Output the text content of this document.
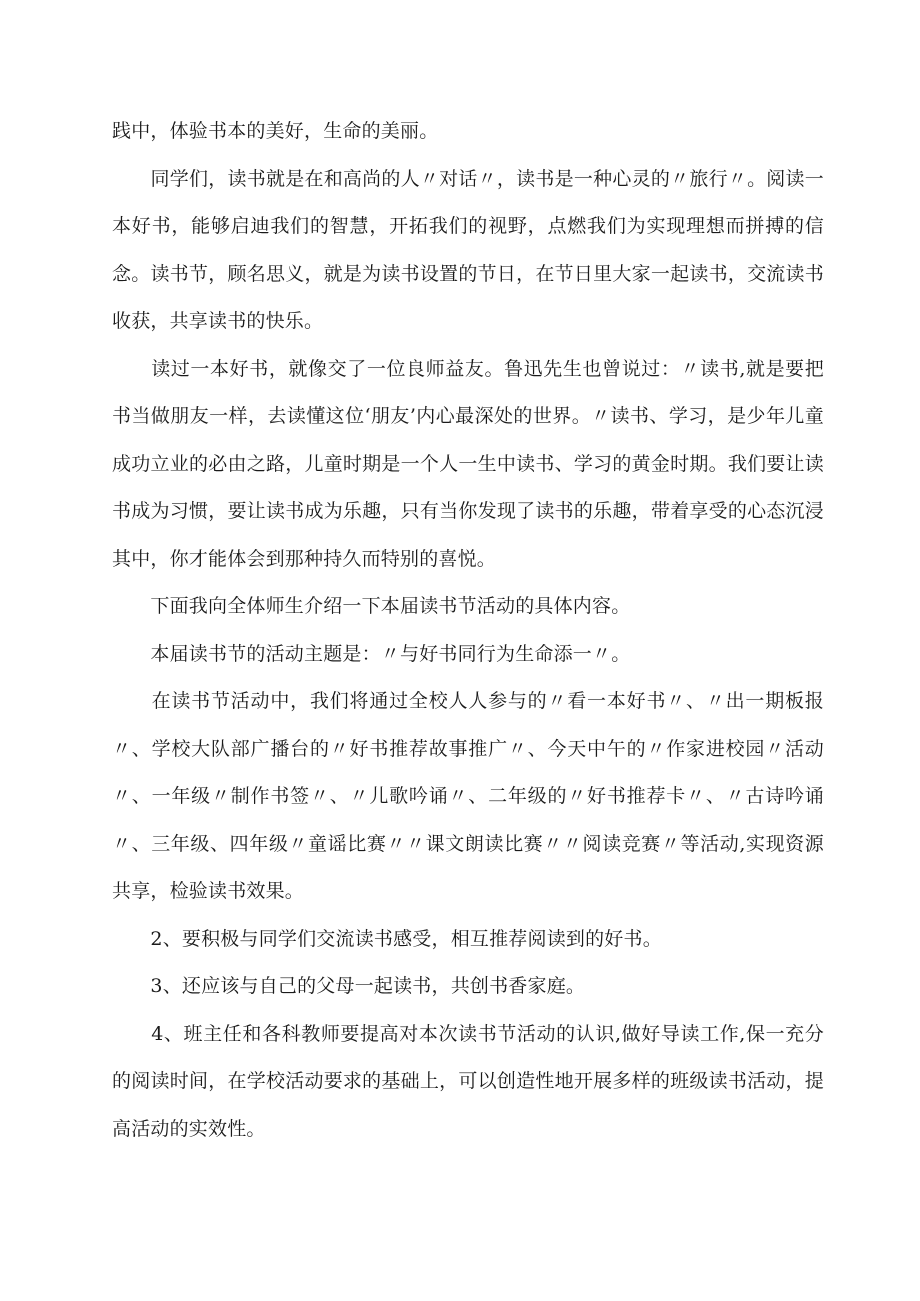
践中，体验书本的美好，生命的美丽。

　　同学们，读书就是在和高尚的人〃对话〃，读书是一种心灵的〃旅行〃。阅读一本好书，能够启迪我们的智慧，开拓我们的视野，点燃我们为实现理想而拼搏的信念。读书节，顾名思义，就是为读书设置的节日，在节日里大家一起读书，交流读书收获，共享读书的快乐。

　　读过一本好书，就像交了一位良师益友。鲁迅先生也曾说过：〃读书,就是要把书当做朋友一样，去读懂这位‘朋友’内心最深处的世界。〃读书、学习，是少年儿童成功立业的必由之路，儿童时期是一个人一生中读书、学习的黄金时期。我们要让读书成为习惯，要让读书成为乐趣，只有当你发现了读书的乐趣，带着享受的心态沉浸其中，你才能体会到那种持久而特别的喜悦。

　　下面我向全体师生介绍一下本届读书节活动的具体内容。

　　本届读书节的活动主题是：〃与好书同行为生命添一〃。

　　在读书节活动中，我们将通过全校人人参与的〃看一本好书〃、〃出一期板报〃、学校大队部广播台的〃好书推荐故事推广〃、今天中午的〃作家进校园〃活动〃、一年级〃制作书签〃、〃儿歌吟诵〃、二年级的〃好书推荐卡〃、〃古诗吟诵〃、三年级、四年级〃童谣比赛〃〃课文朗读比赛〃〃阅读竞赛〃等活动,实现资源共享，检验读书效果。

　　2、要积极与同学们交流读书感受，相互推荐阅读到的好书。

　　3、还应该与自己的父母一起读书，共创书香家庭。

　　4、班主任和各科教师要提高对本次读书节活动的认识,做好导读工作,保一充分的阅读时间，在学校活动要求的基础上，可以创造性地开展多样的班级读书活动，提高活动的实效性。
